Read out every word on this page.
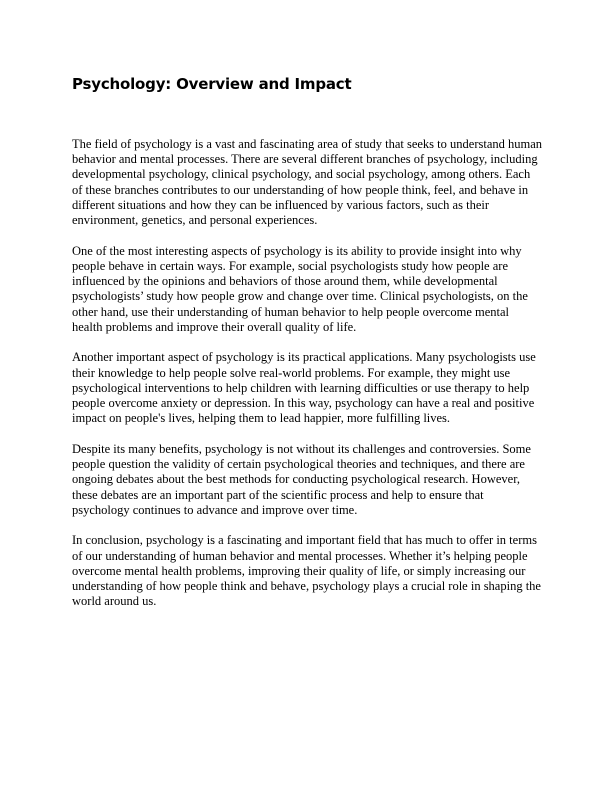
Psychology: Overview and Impact

The field of psychology is a vast and fascinating area of study that seeks to understand human behavior and mental processes. There are several different branches of psychology, including developmental psychology, clinical psychology, and social psychology, among others. Each of these branches contributes to our understanding of how people think, feel, and behave in different situations and how they can be influenced by various factors, such as their environment, genetics, and personal experiences.

One of the most interesting aspects of psychology is its ability to provide insight into why people behave in certain ways. For example, social psychologists study how people are influenced by the opinions and behaviors of those around them, while developmental psychologists’ study how people grow and change over time. Clinical psychologists, on the other hand, use their understanding of human behavior to help people overcome mental health problems and improve their overall quality of life.

Another important aspect of psychology is its practical applications. Many psychologists use their knowledge to help people solve real-world problems. For example, they might use psychological interventions to help children with learning difficulties or use therapy to help people overcome anxiety or depression. In this way, psychology can have a real and positive impact on people's lives, helping them to lead happier, more fulfilling lives.

Despite its many benefits, psychology is not without its challenges and controversies. Some people question the validity of certain psychological theories and techniques, and there are ongoing debates about the best methods for conducting psychological research. However, these debates are an important part of the scientific process and help to ensure that psychology continues to advance and improve over time.

In conclusion, psychology is a fascinating and important field that has much to offer in terms of our understanding of human behavior and mental processes. Whether it’s helping people overcome mental health problems, improving their quality of life, or simply increasing our understanding of how people think and behave, psychology plays a crucial role in shaping the world around us.
